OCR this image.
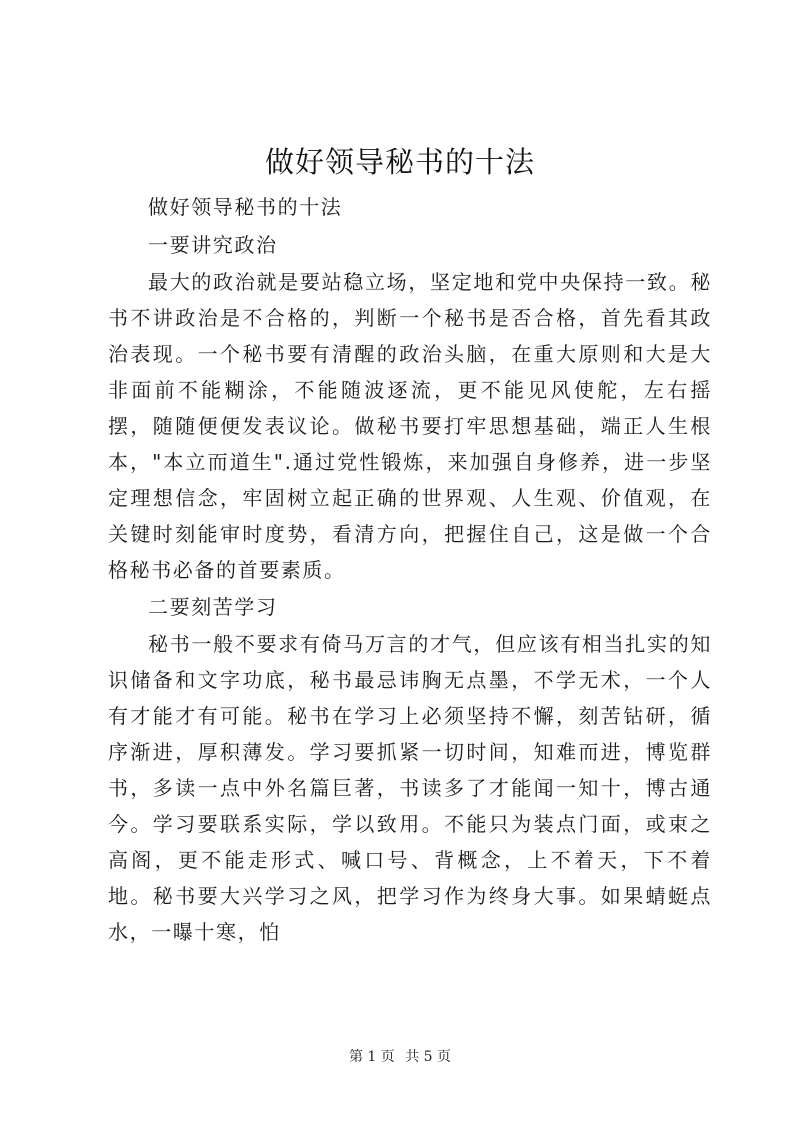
做好领导秘书的十法

做好领导秘书的十法

一要讲究政治

最大的政治就是要站稳立场，坚定地和党中央保持一致。秘书不讲政治是不合格的，判断一个秘书是否合格，首先看其政治表现。一个秘书要有清醒的政治头脑，在重大原则和大是大非面前不能糊涂，不能随波逐流，更不能见风使舵，左右摇摆，随随便便发表议论。做秘书要打牢思想基础，端正人生根本，"本立而道生".通过党性锻炼，来加强自身修养，进一步坚定理想信念，牢固树立起正确的世界观、人生观、价值观，在关键时刻能审时度势，看清方向，把握住自己，这是做一个合格秘书必备的首要素质。

二要刻苦学习

秘书一般不要求有倚马万言的才气，但应该有相当扎实的知识储备和文字功底，秘书最忌讳胸无点墨，不学无术，一个人有才能才有可能。秘书在学习上必须坚持不懈，刻苦钻研，循序渐进，厚积薄发。学习要抓紧一切时间，知难而进，博览群书，多读一点中外名篇巨著，书读多了才能闻一知十，博古通今。学习要联系实际，学以致用。不能只为装点门面，或束之高阁，更不能走形式、喊口号、背概念，上不着天，下不着地。秘书要大兴学习之风，把学习作为终身大事。如果蜻蜓点水，一曝十寒，怕

第 1 页 共 5 页
